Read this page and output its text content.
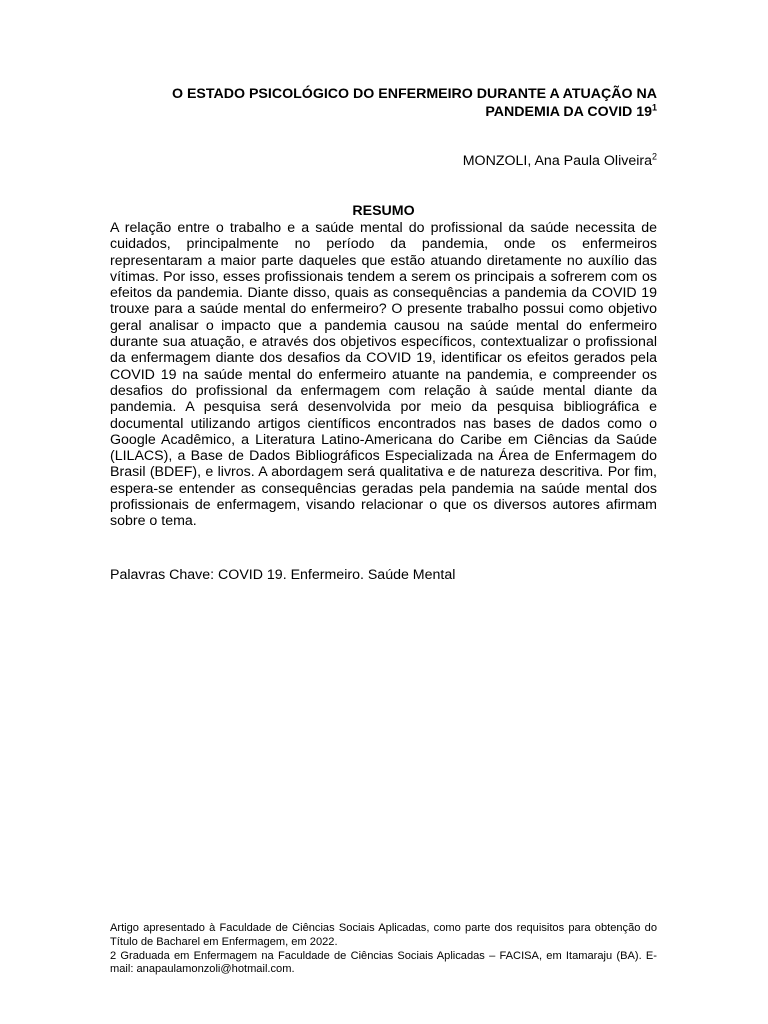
O ESTADO PSICOLÓGICO DO ENFERMEIRO DURANTE A ATUAÇÃO NA
PANDEMIA DA COVID $19^1$
MONZOLI, Ana Paula Oliveira$^2$
RESUMO

A relação entre o trabalho e a saúde mental do profissional da saúde necessita de cuidados, principalmente no período da pandemia, onde os enfermeiros representaram a maior parte daqueles que estão atuando diretamente no auxílio das vítimas. Por isso, esses profissionais tendem a serem os principais a sofrerem com os efeitos da pandemia. Diante disso, quais as consequências a pandemia da COVID 19 trouxe para a saúde mental do enfermeiro? O presente trabalho possui como objetivo geral analisar o impacto que a pandemia causou na saúde mental do enfermeiro durante sua atuação, e através dos objetivos específicos, contextualizar o profissional da enfermagem diante dos desafios da COVID 19, identificar os efeitos gerados pela COVID 19 na saúde mental do enfermeiro atuante na pandemia, e compreender os desafios do profissional da enfermagem com relação à saúde mental diante da pandemia. A pesquisa será desenvolvida por meio da pesquisa bibliográfica e documental utilizando artigos científicos encontrados nas bases de dados como o Google Acadêmico, a Literatura Latino-Americana do Caribe em Ciências da Saúde (LILACS), a Base de Dados Bibliográficos Especializada na Área de Enfermagem do Brasil (BDEF), e livros. A abordagem será qualitativa e de natureza descritiva. Por fim, espera-se entender as consequências geradas pela pandemia na saúde mental dos profissionais de enfermagem, visando relacionar o que os diversos autores afirmam sobre o tema.

Palavras Chave: COVID 19. Enfermeiro. Saúde Mental

Artigo apresentado à Faculdade de Ciências Sociais Aplicadas, como parte dos requisitos para obtenção do Título de Bacharel em Enfermagem, em 2022.

2 Graduada em Enfermagem na Faculdade de Ciências Sociais Aplicadas – FACISA, em Itamaraju (BA). E-mail: anapaulamonzoli@hotmail.com.
